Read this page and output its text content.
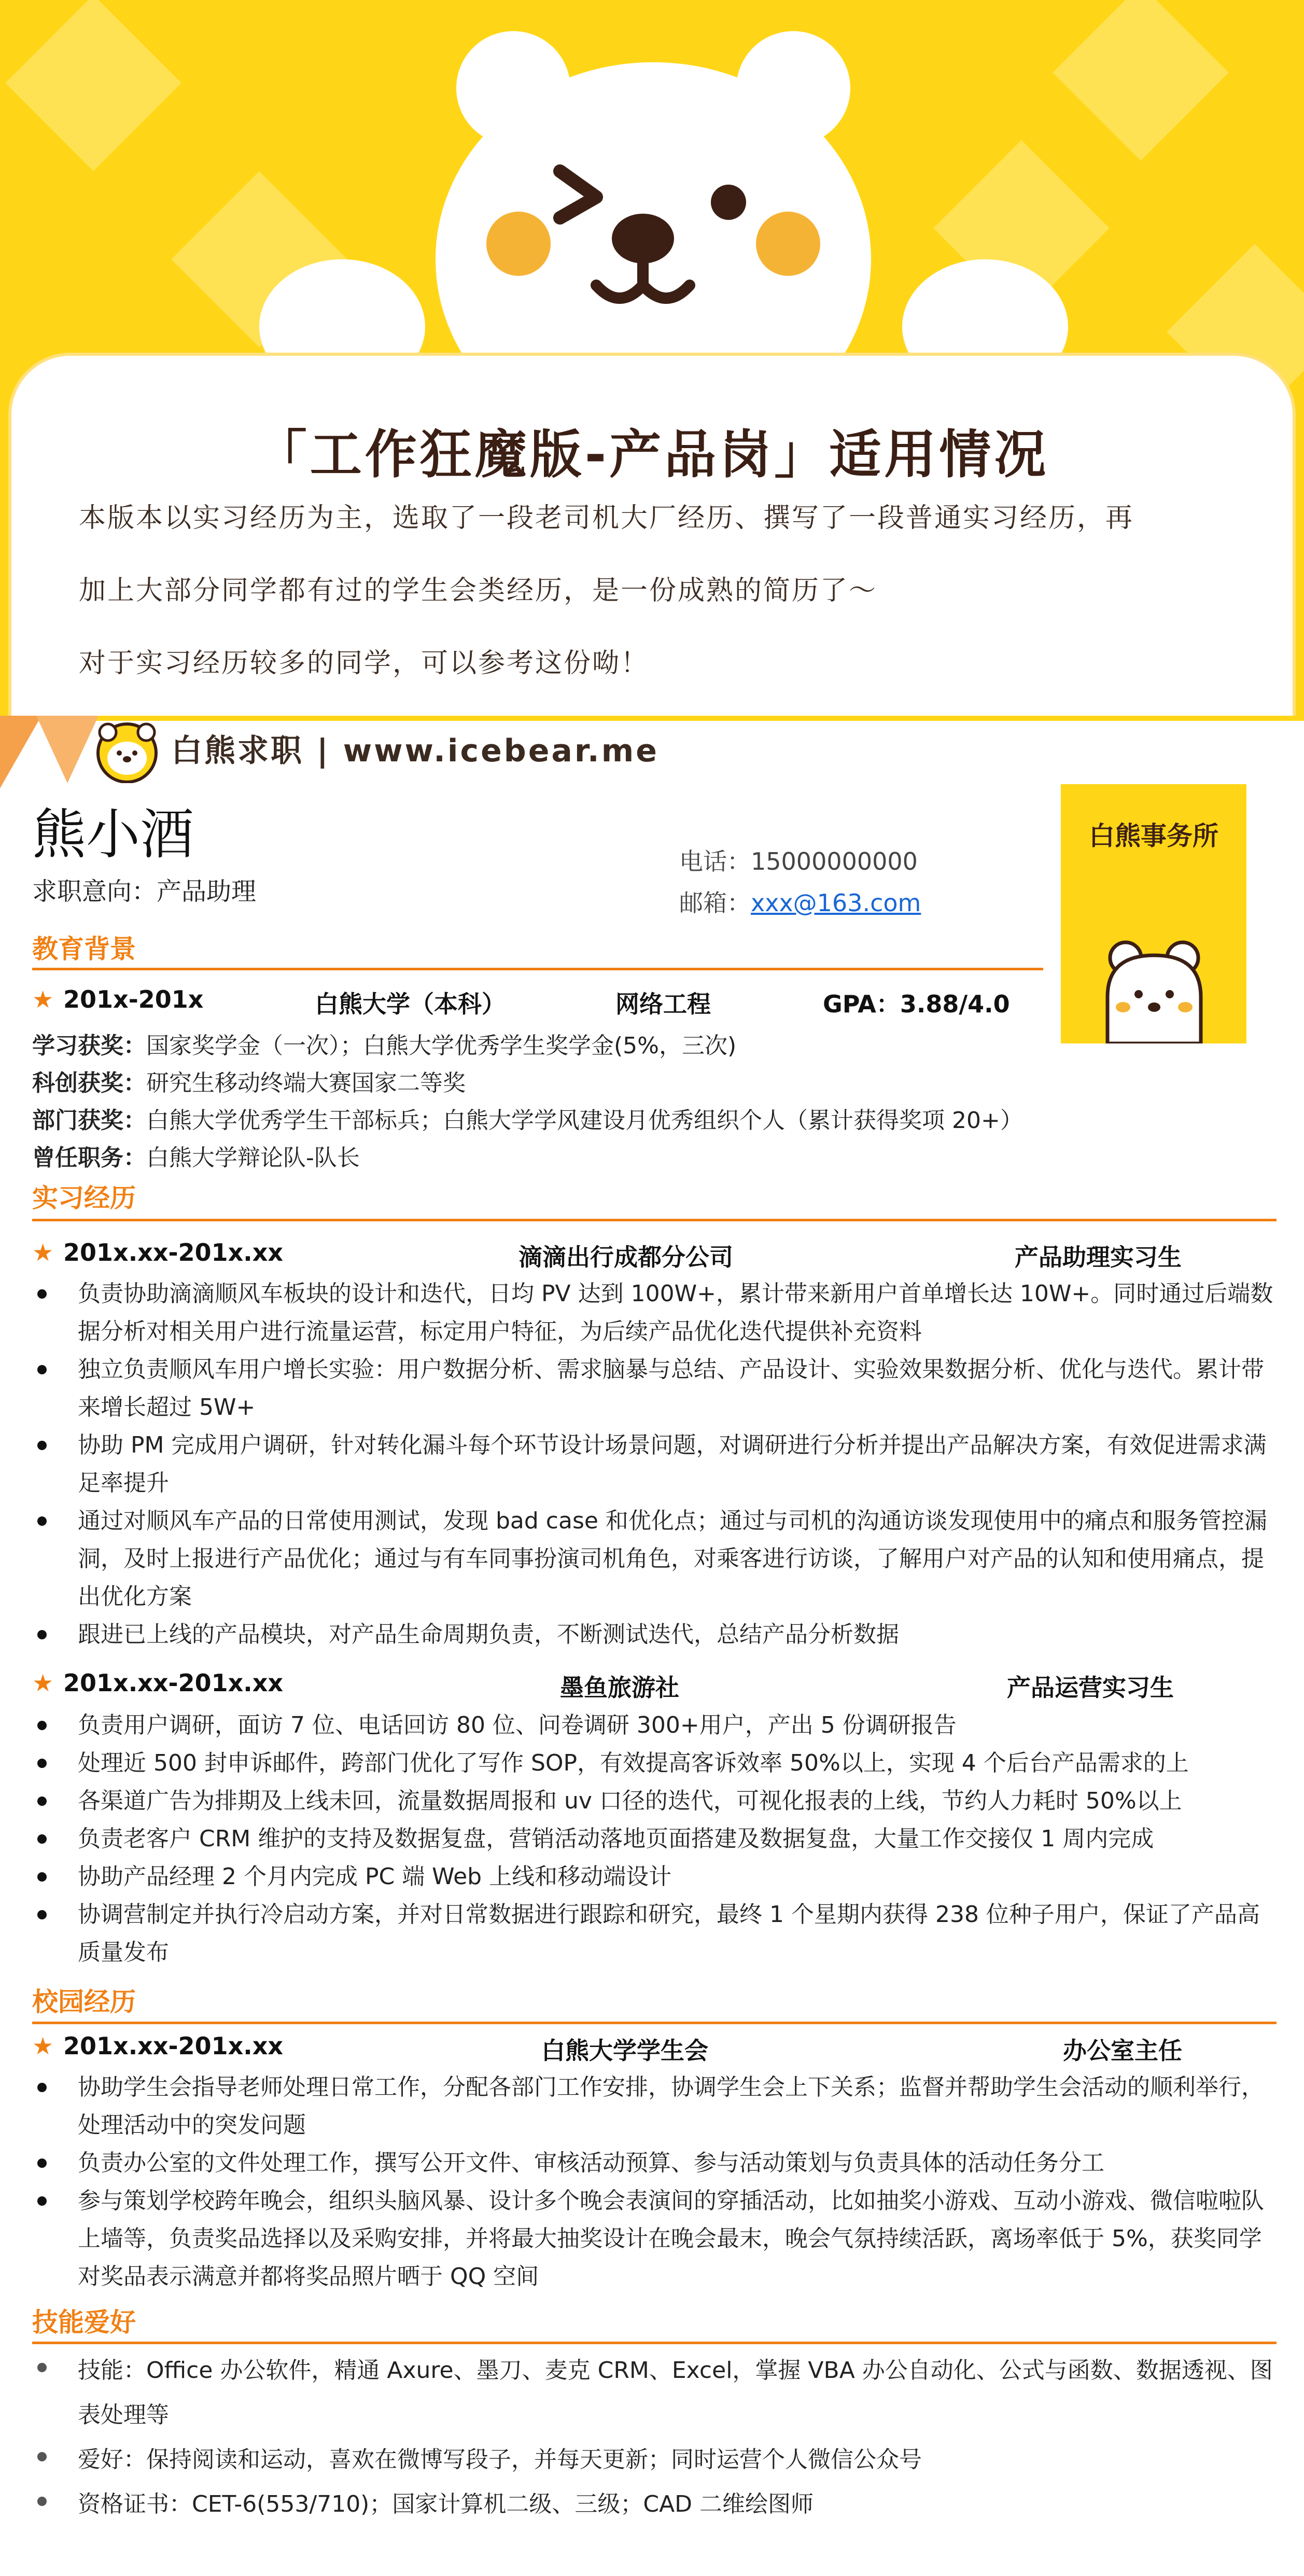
「工作狂魔版-产品岗」适用情况
本版本以实习经历为主，选取了一段老司机大厂经历、撰写了一段普通实习经历，再
加上大部分同学都有过的学生会类经历，是一份成熟的简历了～
对于实习经历较多的同学，可以参考这份呦！
白熊求职 | www.icebear.me
熊小酒
求职意向：产品助理
电话：15000000000
邮箱：xxx@163.com
白熊事务所
教育背景
★ 201x-201x	白熊大学（本科）	网络工程	GPA：3.88/4.0
学习获奖：国家奖学金（一次）；白熊大学优秀学生奖学金(5%，三次)
科创获奖：研究生移动终端大赛国家二等奖
部门获奖：白熊大学优秀学生干部标兵；白熊大学学风建设月优秀组织个人（累计获得奖项 20+）
曾任职务：白熊大学辩论队-队长
实习经历
★ 201x.xx-201x.xx	滴滴出行成都分公司	产品助理实习生
负责协助滴滴顺风车板块的设计和迭代，日均 PV 达到 100W+，累计带来新用户首单增长达 10W+。同时通过后端数据分析对相关用户进行流量运营，标定用户特征，为后续产品优化迭代提供补充资料
独立负责顺风车用户增长实验：用户数据分析、需求脑暴与总结、产品设计、实验效果数据分析、优化与迭代。累计带来增长超过 5W+
协助 PM 完成用户调研，针对转化漏斗每个环节设计场景问题，对调研进行分析并提出产品解决方案，有效促进需求满足率提升
通过对顺风车产品的日常使用测试，发现 bad case 和优化点；通过与司机的沟通访谈发现使用中的痛点和服务管控漏洞，及时上报进行产品优化；通过与有车同事扮演司机角色，对乘客进行访谈，了解用户对产品的认知和使用痛点，提出优化方案
跟进已上线的产品模块，对产品生命周期负责，不断测试迭代，总结产品分析数据
★ 201x.xx-201x.xx	墨鱼旅游社	产品运营实习生
负责用户调研，面访 7 位、电话回访 80 位、问卷调研 300+用户，产出 5 份调研报告
处理近 500 封申诉邮件，跨部门优化了写作 SOP，有效提高客诉效率 50%以上，实现 4 个后台产品需求的上
各渠道广告为排期及上线未回，流量数据周报和 uv 口径的迭代，可视化报表的上线，节约人力耗时 50%以上
负责老客户 CRM 维护的支持及数据复盘，营销活动落地页面搭建及数据复盘，大量工作交接仅 1 周内完成
协助产品经理 2 个月内完成 PC 端 Web 上线和移动端设计
协调营制定并执行冷启动方案，并对日常数据进行跟踪和研究，最终 1 个星期内获得 238 位种子用户，保证了产品高质量发布
校园经历
★ 201x.xx-201x.xx	白熊大学学生会	办公室主任
协助学生会指导老师处理日常工作，分配各部门工作安排，协调学生会上下关系；监督并帮助学生会活动的顺利举行，处理活动中的突发问题
负责办公室的文件处理工作，撰写公开文件、审核活动预算、参与活动策划与负责具体的活动任务分工
参与策划学校跨年晚会，组织头脑风暴、设计多个晚会表演间的穿插活动，比如抽奖小游戏、互动小游戏、微信啦啦队上墙等，负责奖品选择以及采购安排，并将最大抽奖设计在晚会最末，晚会气氛持续活跃，离场率低于 5%，获奖同学对奖品表示满意并都将奖品照片晒于 QQ 空间
技能爱好
技能：Office 办公软件，精通 Axure、墨刀、麦克 CRM、Excel，掌握 VBA 办公自动化、公式与函数、数据透视、图表处理等
爱好：保持阅读和运动，喜欢在微博写段子，并每天更新；同时运营个人微信公众号
资格证书：CET-6(553/710)；国家计算机二级、三级；CAD 二维绘图师
